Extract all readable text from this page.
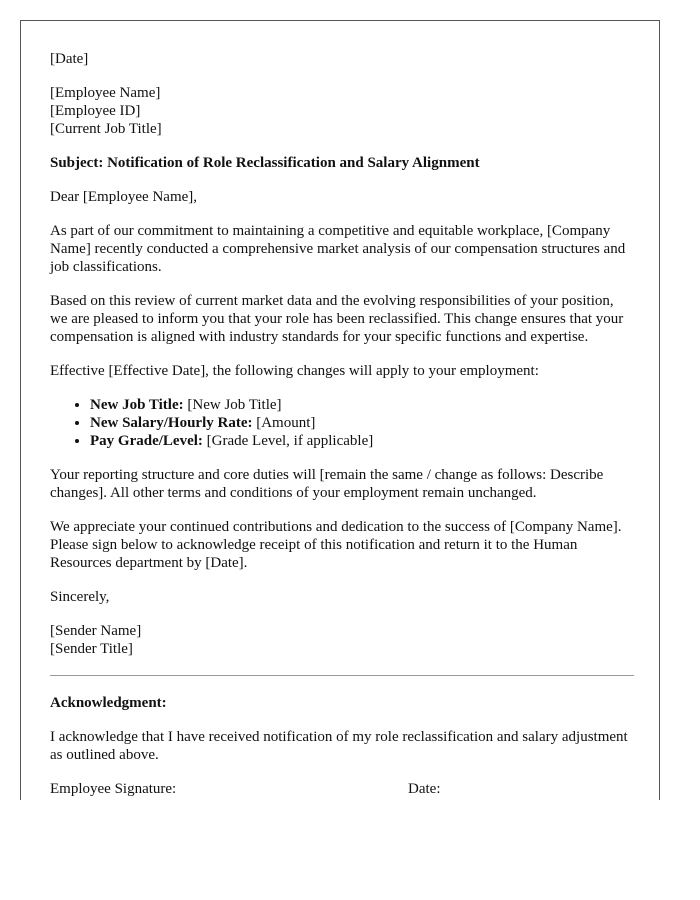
[Date]

[Employee Name]
[Employee ID]
[Current Job Title]

Subject: Notification of Role Reclassification and Salary Alignment

Dear [Employee Name],

As part of our commitment to maintaining a competitive and equitable workplace, [Company Name] recently conducted a comprehensive market analysis of our compensation structures and job classifications.

Based on this review of current market data and the evolving responsibilities of your position, we are pleased to inform you that your role has been reclassified. This change ensures that your compensation is aligned with industry standards for your specific functions and expertise.

Effective [Effective Date], the following changes will apply to your employment:

• New Job Title: [New Job Title]
• New Salary/Hourly Rate: [Amount]
• Pay Grade/Level: [Grade Level, if applicable]

Your reporting structure and core duties will [remain the same / change as follows: Describe changes]. All other terms and conditions of your employment remain unchanged.

We appreciate your continued contributions and dedication to the success of [Company Name]. Please sign below to acknowledge receipt of this notification and return it to the Human Resources department by [Date].

Sincerely,

[Sender Name]
[Sender Title]

Acknowledgment:

I acknowledge that I have received notification of my role reclassification and salary adjustment as outlined above.

Employee Signature:	Date:
